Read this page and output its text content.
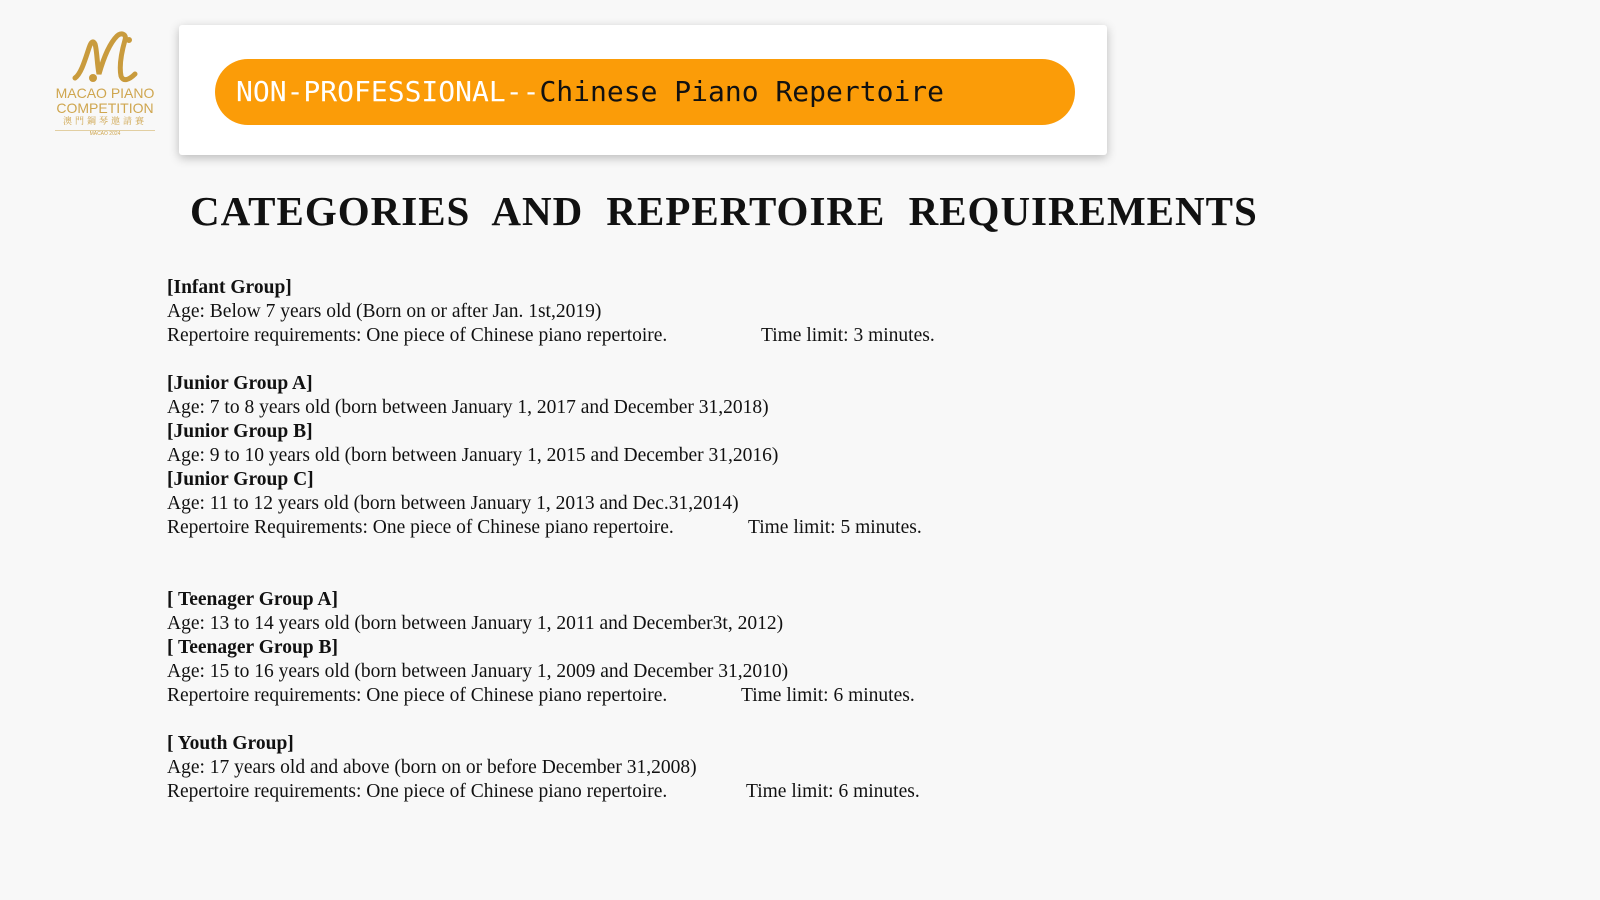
MACAO PIANO
COMPETITION
澳門鋼琴邀請賽
MACAO 2024
NON-PROFESSIONAL--Chinese Piano Repertoire
CATEGORIES AND REPERTOIRE REQUIREMENTS
[Infant Group]
Age: Below 7 years old (Born on or after Jan. 1st,2019)
Repertoire requirements: One piece of Chinese piano repertoire.	Time limit: 3 minutes.
[Junior Group A]
Age: 7 to 8 years old (born between January 1, 2017 and December 31,2018)
[Junior Group B]
Age: 9 to 10 years old (born between January 1, 2015 and December 31,2016)
[Junior Group C]
Age: 11 to 12 years old (born between January 1, 2013 and Dec.31,2014)
Repertoire Requirements: One piece of Chinese piano repertoire.	Time limit: 5 minutes.
[ Teenager Group A]
Age: 13 to 14 years old (born between January 1, 2011 and December3t, 2012)
[ Teenager Group B]
Age: 15 to 16 years old (born between January 1, 2009 and December 31,2010)
Repertoire requirements: One piece of Chinese piano repertoire.	Time limit: 6 minutes.
[ Youth Group]
Age: 17 years old and above (born on or before December 31,2008)
Repertoire requirements: One piece of Chinese piano repertoire.	Time limit: 6 minutes.
